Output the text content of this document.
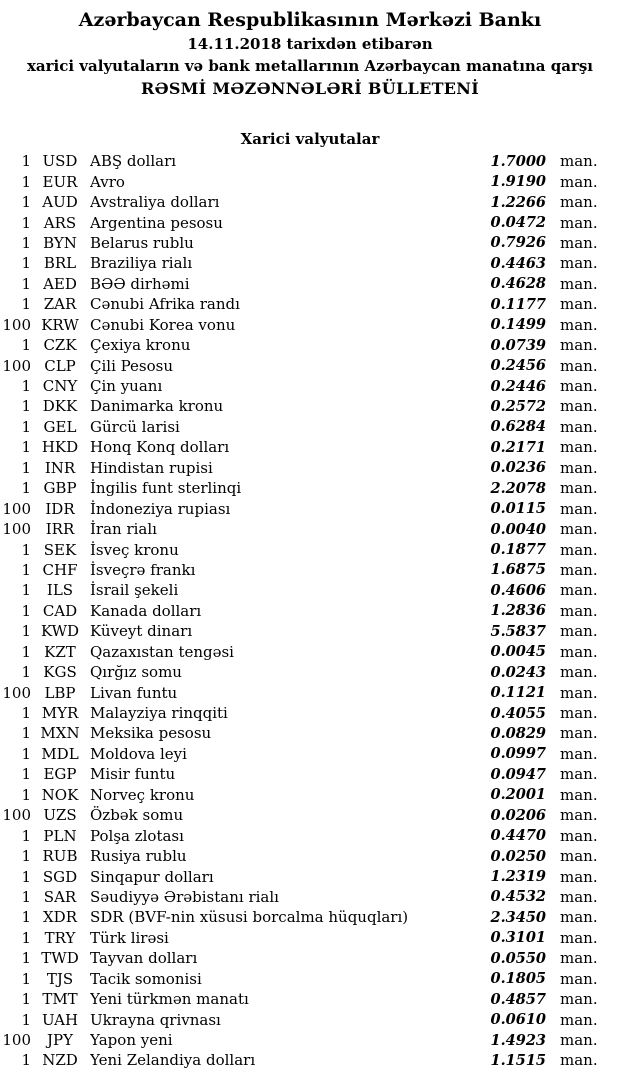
Azərbaycan Respublikasının Mərkəzi Bankı
14.11.2018 tarixdən etibarən
xarici valyutaların və bank metallarının Azərbaycan manatına qarşı
RƏSMİ MƏZƏNNƏLƏRİ BÜLLETENİ
Xarici valyutalar
1 USD ABŞ dolları	1.7000 man.
1 EUR Avro	1.9190 man.
1 AUD Avstraliya dolları	1.2266 man.
1 ARS Argentina pesosu	0.0472 man.
1 BYN Belarus rublu	0.7926 man.
1 BRL Braziliya rialı	0.4463 man.
1 AED BƏƏ dirhəmi	0.4628 man.
1 ZAR Cənubi Afrika randı	0.1177 man.
100 KRW Cənubi Korea vonu	0.1499 man.
1 CZK Çexiya kronu	0.0739 man.
100 CLP Çili Pesosu	0.2456 man.
1 CNY Çin yuanı	0.2446 man.
1 DKK Danimarka kronu	0.2572 man.
1 GEL Gürcü larisi	0.6284 man.
1 HKD Honq Konq dolları	0.2171 man.
1 INR Hindistan rupisi	0.0236 man.
1 GBP İngilis funt sterlinqi	2.2078 man.
100 IDR	İndoneziya rupiası	0.0115 man.
100 IRR	İran rialı	0.0040 man.
1 SEK İsveç kronu	0.1877 man.
1 CHF İsveçrə frankı	1.6875 man.
1	ILS	İsrail şekeli	0.4606 man.
1 CAD Kanada dolları	1.2836 man.
1 KWD Küveyt dinarı	5.5837 man.
1 KZT Qazaxıstan tengəsi	0.0045 man.
1 KGS Qırğız somu	0.0243 man.
100 LBP Livan funtu	0.1121 man.
1 MYR Malayziya rinqqiti	0.4055 man.
1 MXN Meksika pesosu	0.0829 man.
1 MDL Moldova leyi	0.0997 man.
1 EGP Misir funtu	0.0947 man.
1 NOK Norveç kronu	0.2001 man.
100 UZS Özbək somu	0.0206 man.
1 PLN Polşa zlotası	0.4470 man.
1 RUB Rusiya rublu	0.0250 man.
1 SGD Sinqapur dolları	1.2319 man.
1 SAR Səudiyyə Ərəbistanı rialı	0.4532 man.
1 XDR SDR (BVF-nin xüsusi borcalma hüquqları)	2.3450 man.
1 TRY Türk lirəsi	0.3101 man.
1 TWD Tayvan dolları	0.0550 man.
1	TJS	Tacik somonisi	0.1805 man.
1 TMT Yeni türkmən manatı	0.4857 man.
1 UAH Ukrayna qrivnası	0.0610 man.
100	JPY	Yapon yeni	1.4923 man.
1 NZD Yeni Zelandiya dolları	1.1515 man.
